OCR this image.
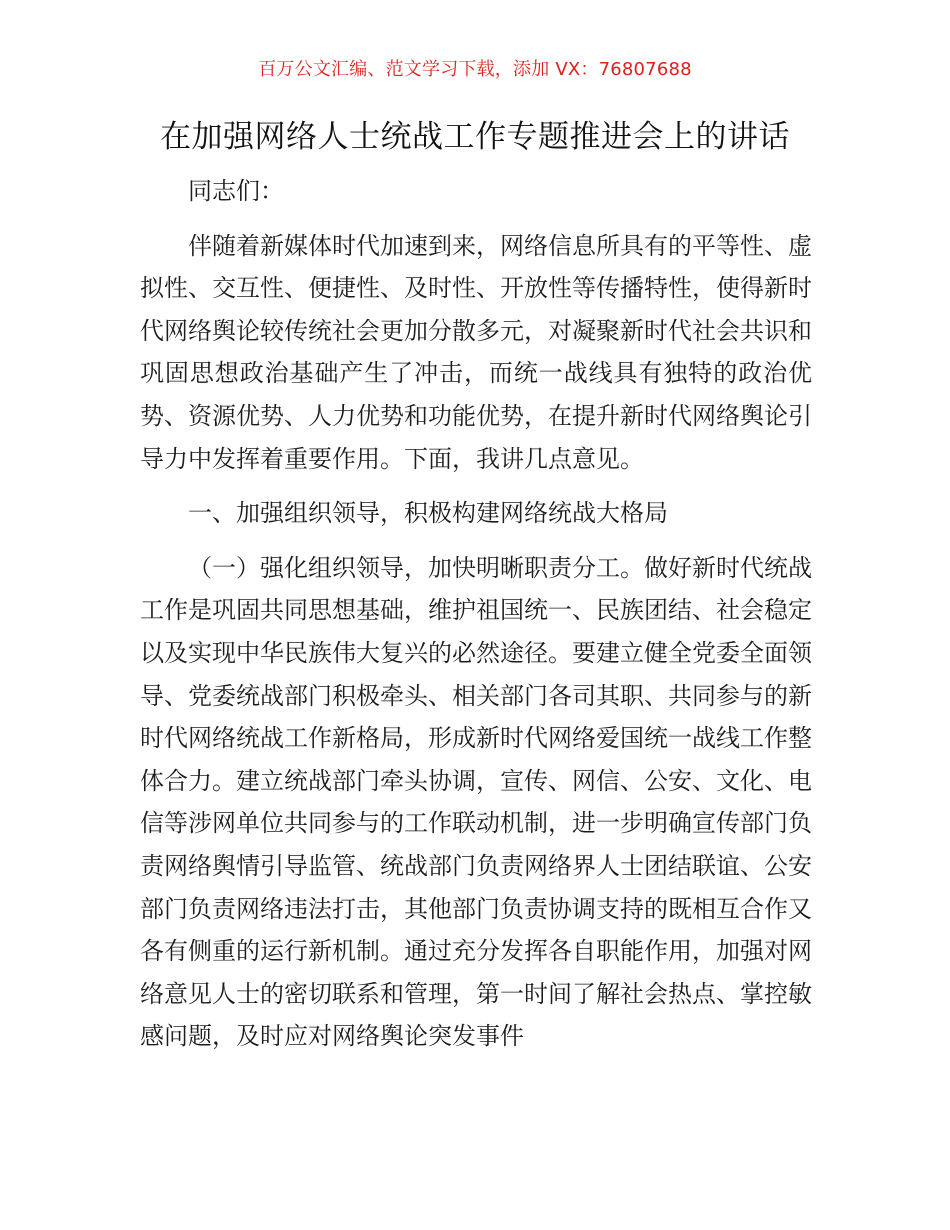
百万公文汇编、范文学习下载，添加 VX：76807688
在加强网络人士统战工作专题推进会上的讲话

同志们：

伴随着新媒体时代加速到来，网络信息所具有的平等性、虚拟性、交互性、便捷性、及时性、开放性等传播特性，使得新时代网络舆论较传统社会更加分散多元，对凝聚新时代社会共识和巩固思想政治基础产生了冲击，而统一战线具有独特的政治优势、资源优势、人力优势和功能优势，在提升新时代网络舆论引导力中发挥着重要作用。下面，我讲几点意见。

一、加强组织领导，积极构建网络统战大格局

（一）强化组织领导，加快明晰职责分工。做好新时代统战工作是巩固共同思想基础，维护祖国统一、民族团结、社会稳定以及实现中华民族伟大复兴的必然途径。要建立健全党委全面领导、党委统战部门积极牵头、相关部门各司其职、共同参与的新时代网络统战工作新格局，形成新时代网络爱国统一战线工作整体合力。建立统战部门牵头协调，宣传、网信、公安、文化、电信等涉网单位共同参与的工作联动机制，进一步明确宣传部门负责网络舆情引导监管、统战部门负责网络界人士团结联谊、公安部门负责网络违法打击，其他部门负责协调支持的既相互合作又各有侧重的运行新机制。通过充分发挥各自职能作用，加强对网络意见人士的密切联系和管理，第一时间了解社会热点、掌控敏感问题，及时应对网络舆论突发事件
